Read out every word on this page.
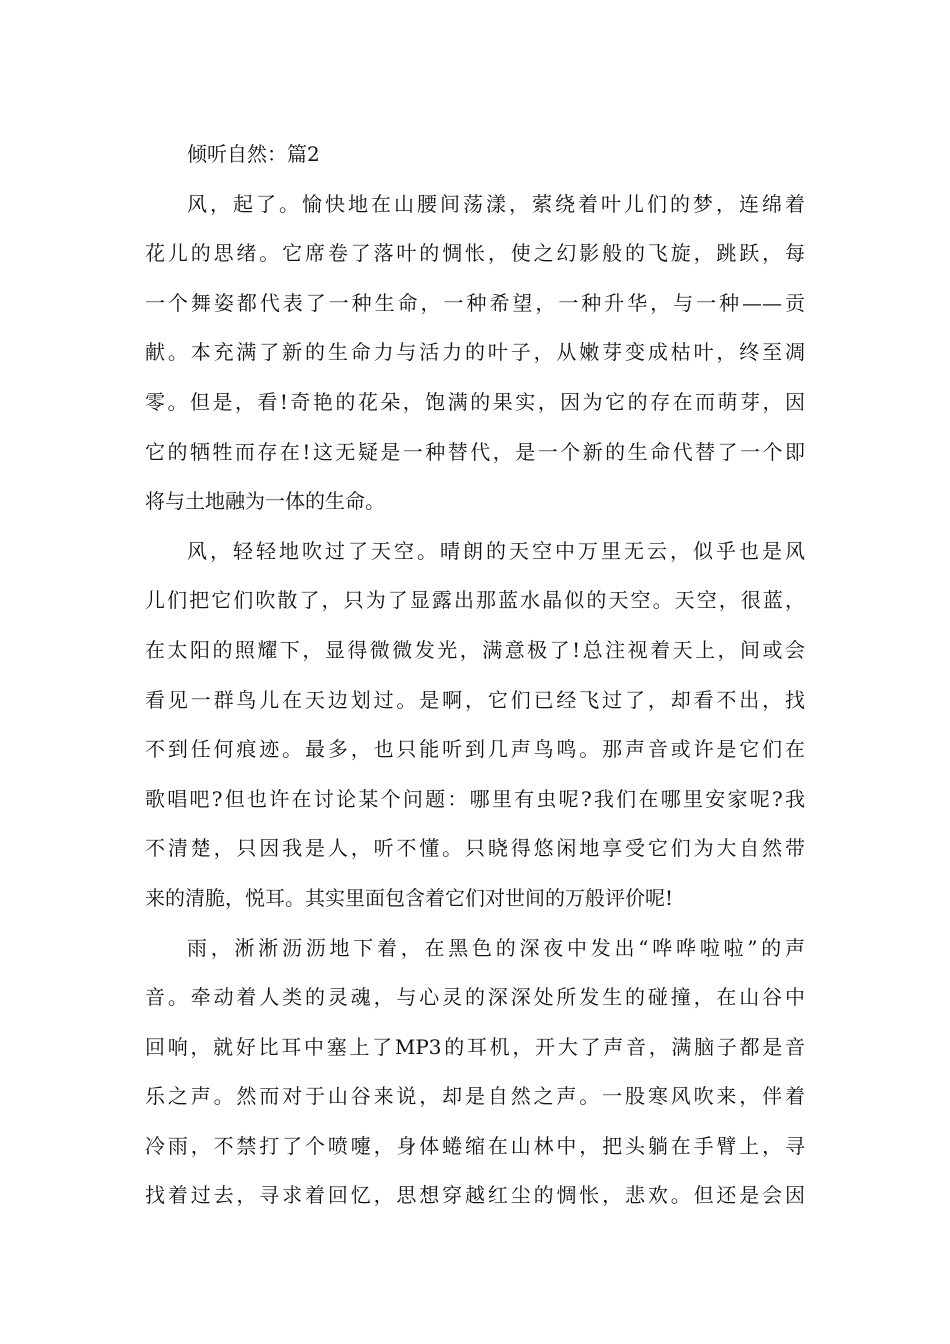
倾听自然：篇2
风，起了。愉快地在山腰间荡漾，萦绕着叶儿们的梦，连绵着
花儿的思绪。它席卷了落叶的惆怅，使之幻影般的飞旋，跳跃，每
一个舞姿都代表了一种生命，一种希望，一种升华，与一种——贡
献。本充满了新的生命力与活力的叶子，从嫩芽变成枯叶，终至凋
零。但是，看!奇艳的花朵，饱满的果实，因为它的存在而萌芽，因
它的牺牲而存在!这无疑是一种替代，是一个新的生命代替了一个即
将与土地融为一体的生命。
风，轻轻地吹过了天空。晴朗的天空中万里无云，似乎也是风
儿们把它们吹散了，只为了显露出那蓝水晶似的天空。天空，很蓝，
在太阳的照耀下，显得微微发光，满意极了!总注视着天上，间或会
看见一群鸟儿在天边划过。是啊，它们已经飞过了，却看不出，找
不到任何痕迹。最多，也只能听到几声鸟鸣。那声音或许是它们在
歌唱吧?但也许在讨论某个问题：哪里有虫呢?我们在哪里安家呢?我
不清楚，只因我是人，听不懂。只晓得悠闲地享受它们为大自然带
来的清脆，悦耳。其实里面包含着它们对世间的万般评价呢!
雨，淅淅沥沥地下着，在黑色的深夜中发出“哗哗啦啦”的声
音。牵动着人类的灵魂，与心灵的深深处所发生的碰撞，在山谷中
回响，就好比耳中塞上了MP3的耳机，开大了声音，满脑子都是音
乐之声。然而对于山谷来说，却是自然之声。一股寒风吹来，伴着
冷雨，不禁打了个喷嚏，身体蜷缩在山林中，把头躺在手臂上，寻
找着过去，寻求着回忆，思想穿越红尘的惆怅，悲欢。但还是会因
